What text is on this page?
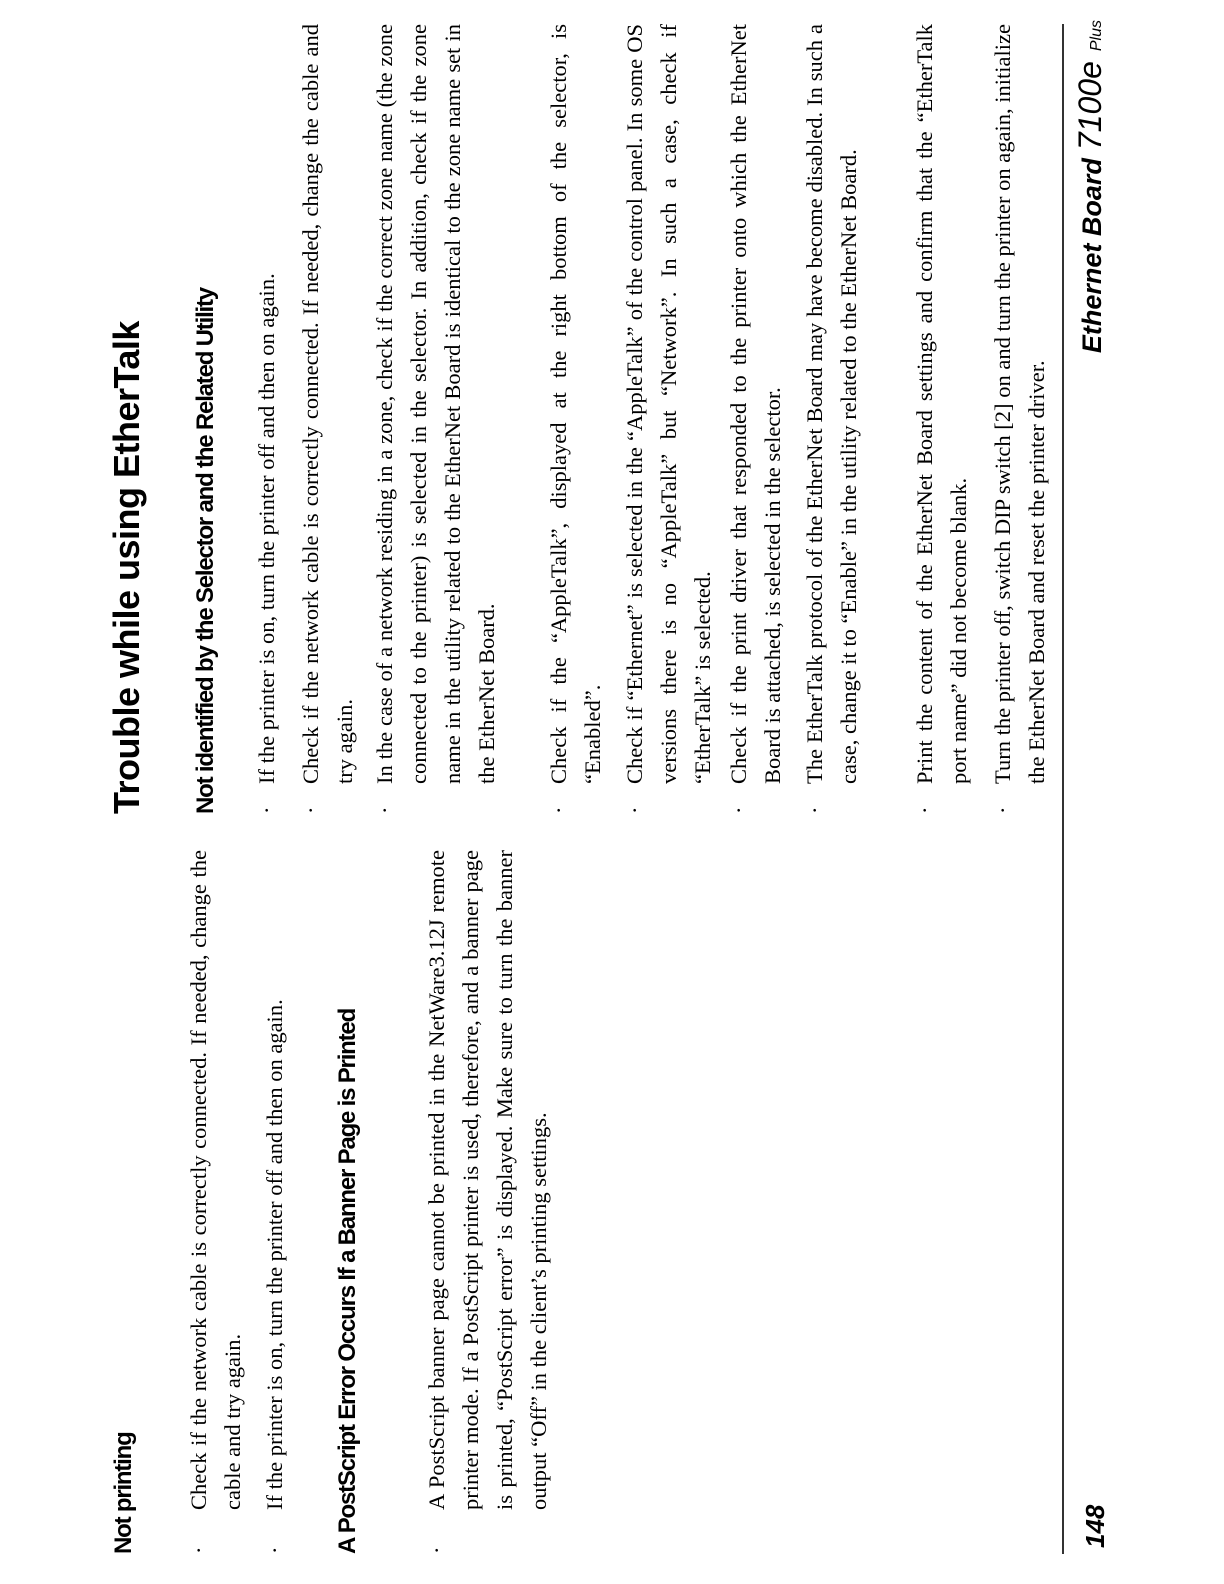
Not printing ·
Check if the network cable is correctly connected. If needed, change the cable and try again.
·
If the printer is on, turn the printer off and then on again. A PostScript Error Occurs If a Banner Page is Printed	·
A PostScript banner page cannot be printed in the NetWare3.12J remote printer mode. If a PostScript printer is used, therefore, and a banner page is printed, “PostScript error” is displayed. Make sure to turn the banner output “Off” in the client’s printing settings.
Trouble while using EtherTalk Not identified by the Selector and the Related Utility ·
If the printer is on, turn the printer off and then on again.
·
Check if the network cable is correctly connected. If needed, change the cable and try again.
·
In the case of a network residing in a zone, check if the correct zone name (the zone connected to the printer) is selected in the selector. In addition, check if the zone name in the utility related to the EtherNet Board is identical to the zone name set in the EtherNet Board.
·
Check if the “AppleTalk”, displayed at the right bottom of the selector, is “Enabled”.
·
Check if “Ethernet” is selected in the “AppleTalk” of the control panel. In some OS versions there is no “AppleTalk” but “Network”. In such a case, check if “EtherTalk” is selected.
·
Check if the print driver that responded to the printer onto which the EtherNet Board is attached, is selected in the selector.
·
The EtherTalk protocol of the EtherNet Board may have become disabled. In such a case, change it to “Enable” in the utility related to the EtherNet Board.
·
Print the content of the EtherNet Board settings and confirm that the “EtherTalk port name” did not become blank.
·
Turn the printer off, switch DIP switch [2] on and turn the printer on again, initialize the EtherNet Board and reset the printer driver.
148
Ethernet Board7100ePlus
